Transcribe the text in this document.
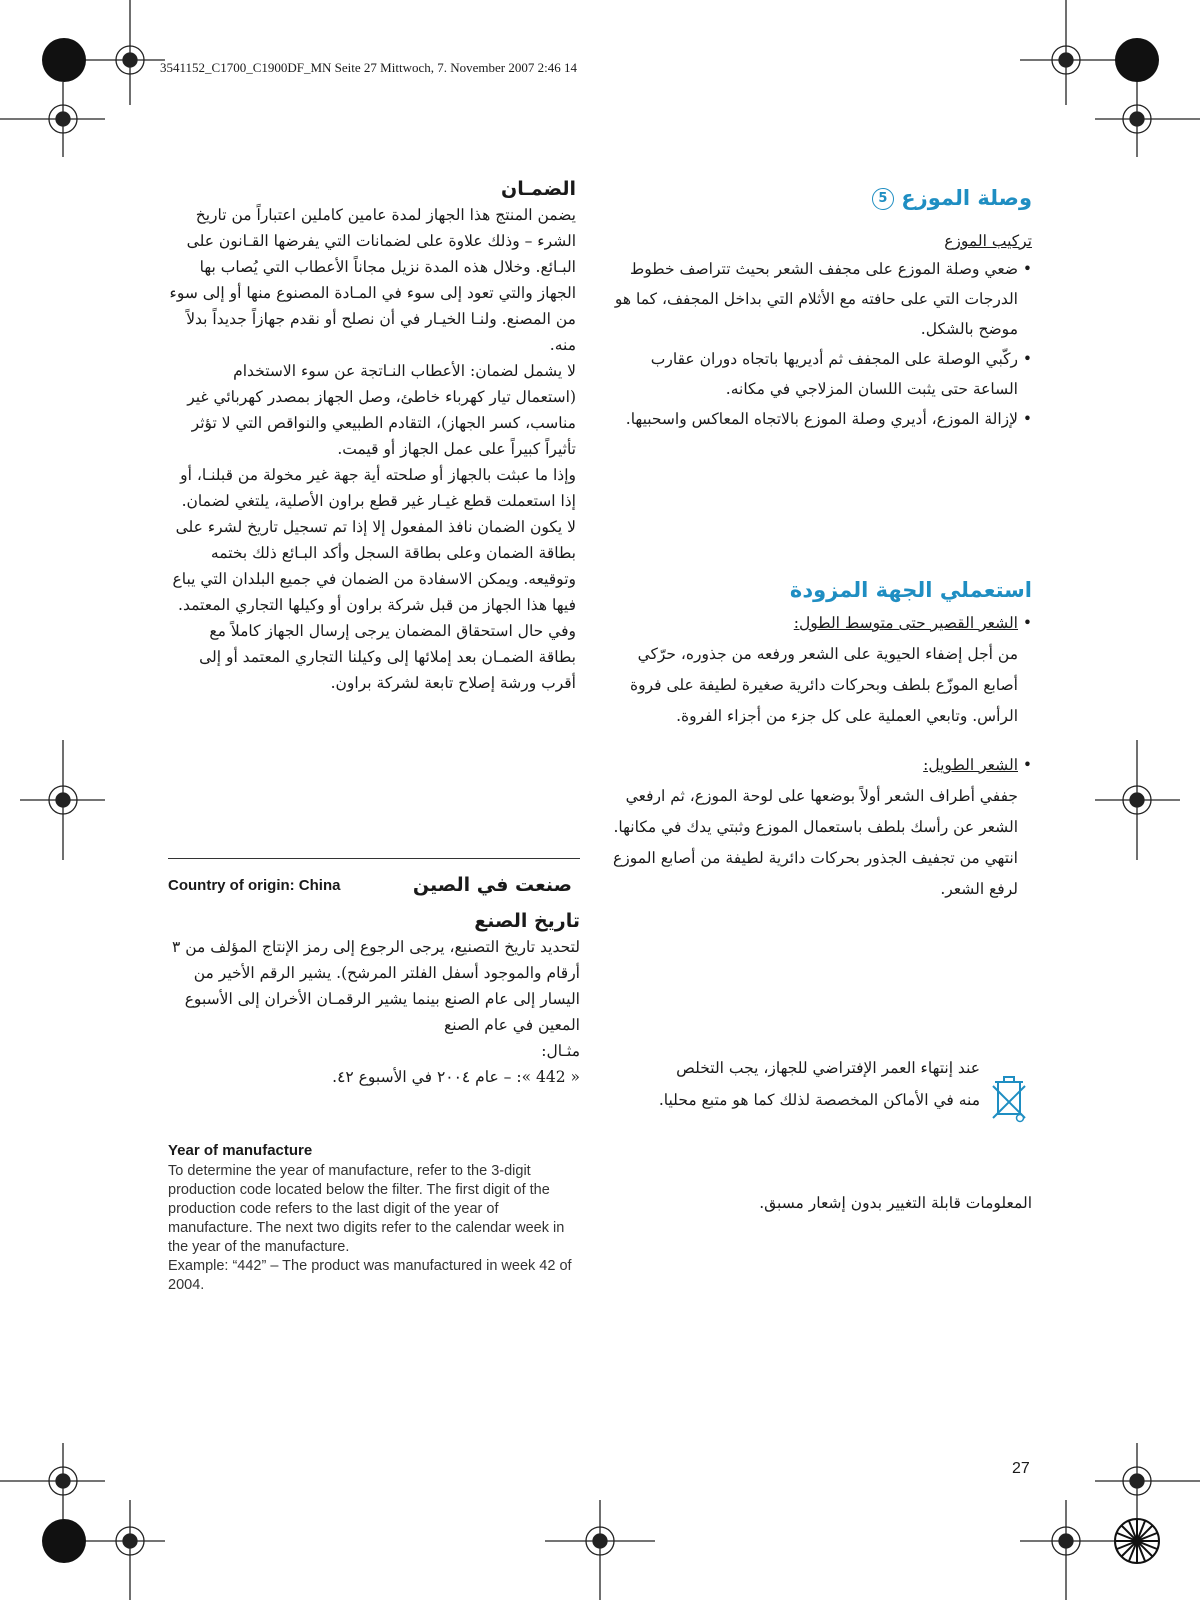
3541152_C1700_C1900DF_MN Seite 27 Mittwoch, 7. November 2007 2:46 14
الضمـان

يضمن المنتج هذا الجهاز لمدة عامين كاملين اعتباراً من تاريخ الشرء – وذلك علاوة على لضمانات التي يفرضها القـانون على البـائع. وخلال هذه المدة نزيل مجاناً الأعطاب التي يُصاب بها الجهاز والتي تعود إلى سوء في المـادة المصنوع منها أو إلى سوء من المصنع. ولنـا الخيـار في أن نصلح أو نقدم جهازاً جديداً بدلاً منه.

لا يشمل لضمان: الأعطاب النـاتجة عن سوء الاستخدام (استعمال تيار كهرباء خاطئ، وصل الجهاز بمصدر كهربائي غير مناسب، كسر الجهاز)، التقادم الطبيعي والنواقص التي لا تؤثر تأثيراً كبيراً على عمل الجهاز أو قيمت.

وإذا ما عبثت بالجهاز أو صلحته أية جهة غير مخولة من قبلنـا، أو إذا استعملت قطع غيـار غير قطع براون الأصلية، يلتغي لضمان.

لا يكون الضمان نافذ المفعول إلا إذا تم تسجيل تاريخ لشرء على بطاقة الضمان وعلى بطاقة السجل وأكد البـائع ذلك بختمه وتوقيعه. ويمكن الاسفادة من الضمان في جميع البلدان التي يباع فيها هذا الجهاز من قبل شركة براون أو وكيلها التجاري المعتمد.

وفي حال استحقاق المضمان يرجى إرسال الجهاز كاملاً مع بطاقة الضمـان بعد إملائها إلى وكيلنا التجاري المعتمد أو إلى أقرب ورشة إصلاح تابعة لشركة براون.

Country of origin: China	صنعت في الصين
تاريخ الصنع

لتحديد تاريخ التصنيع، يرجى الرجوع إلى رمز الإنتاج المؤلف من ٣ أرقام والموجود أسفل الفلتر المرشح). يشير الرقم الأخير من اليسار إلى عام الصنع بينما يشير الرقمـان الأخران إلى الأسبوع المعين في عام الصنع

مثـال:

« 442 »: – عام ٢٠٠٤ في الأسبوع ٤٢.

Year of manufacture
To determine the year of manufacture, refer to the 3-digit production code located below the filter. The first digit of the production code refers to the last digit of the year of manufacture. The next two digits refer to the calendar week in the year of the manufacture.
Example: “442” – The product was manufactured in week 42 of 2004.
وصلة الموزع 5
تركيب الموزع
•
ضعي وصلة الموزع على مجفف الشعر بحيث تتراصف خطوط الدرجات التي على حافته مع الأثلام التي بداخل المجفف، كما هو موضح بالشكل.
•
ركّبي الوصلة على المجفف ثم أديريها باتجاه دوران عقارب الساعة حتى يثبت اللسان المزلاجي في مكانه.
•
لإزالة الموزع، أديري وصلة الموزع بالاتجاه المعاكس واسحبيها.
استعملي الجهة المزودة
•
الشعر القصير حتى متوسط الطول:
من أجل إضفاء الحيوية على الشعر ورفعه من جذوره، حرّكي أصابع الموزّع بلطف وبحركات دائرية صغيرة لطيفة على فروة الرأس. وتابعي العملية على كل جزء من أجزاء الفروة.
•
الشعر الطويل:
جففي أطراف الشعر أولاً بوضعها على لوحة الموزع، ثم ارفعي الشعر عن رأسك بلطف باستعمال الموزع وثبتي يدك في مكانها. انتهي من تجفيف الجذور بحركات دائرية لطيفة من أصابع الموزع لرفع الشعر.
عند إنتهاء العمر الإفتراضي للجهاز، يجب التخلص منه في الأماكن المخصصة لذلك كما هو متبع محليا.
المعلومات قابلة التغيير بدون إشعار مسبق.
27
